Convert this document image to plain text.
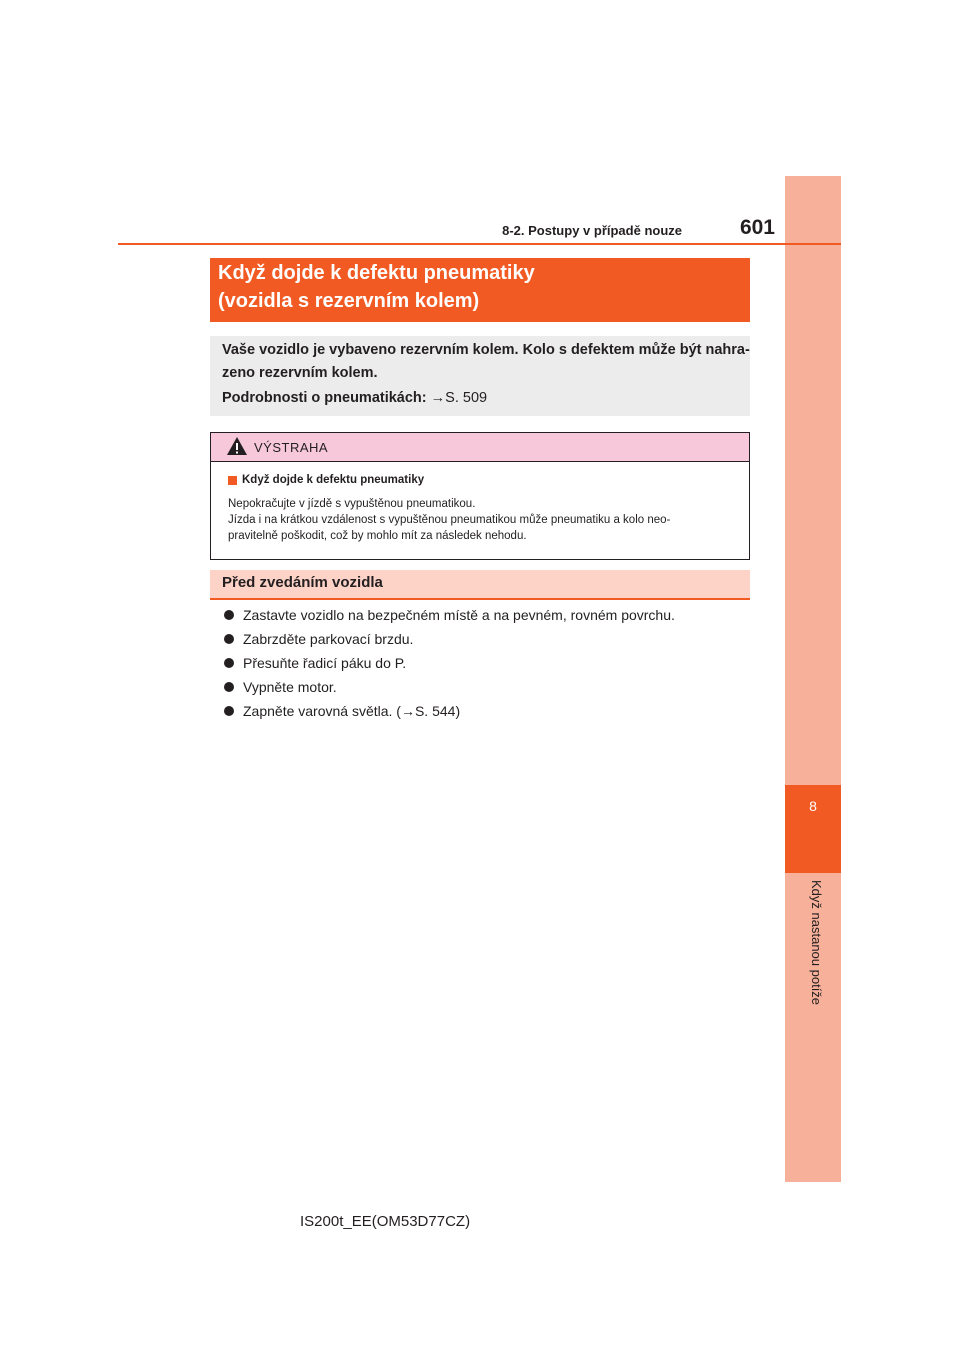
8
Když nastanou potíže
8-2. Postupy v případě nouze	601
Když dojde k defektu pneumatiky
(vozidla s rezervním kolem)
Vaše vozidlo je vybaveno rezervním kolem. Kolo s defektem může být nahra-
zeno rezervním kolem.
Podrobnosti o pneumatikách: →S. 509
VÝSTRAHA
Když dojde k defektu pneumatiky
Nepokračujte v jízdě s vypuštěnou pneumatikou.
Jízda i na krátkou vzdálenost s vypuštěnou pneumatikou může pneumatiku a kolo neo-
pravitelně poškodit, což by mohlo mít za následek nehodu.
Před zvedáním vozidla
Zastavte vozidlo na bezpečném místě a na pevném, rovném povrchu.
Zabrzděte parkovací brzdu.
Přesuňte řadicí páku do P.
Vypněte motor.
Zapněte varovná světla. (→S. 544)
IS200t_EE(OM53D77CZ)
